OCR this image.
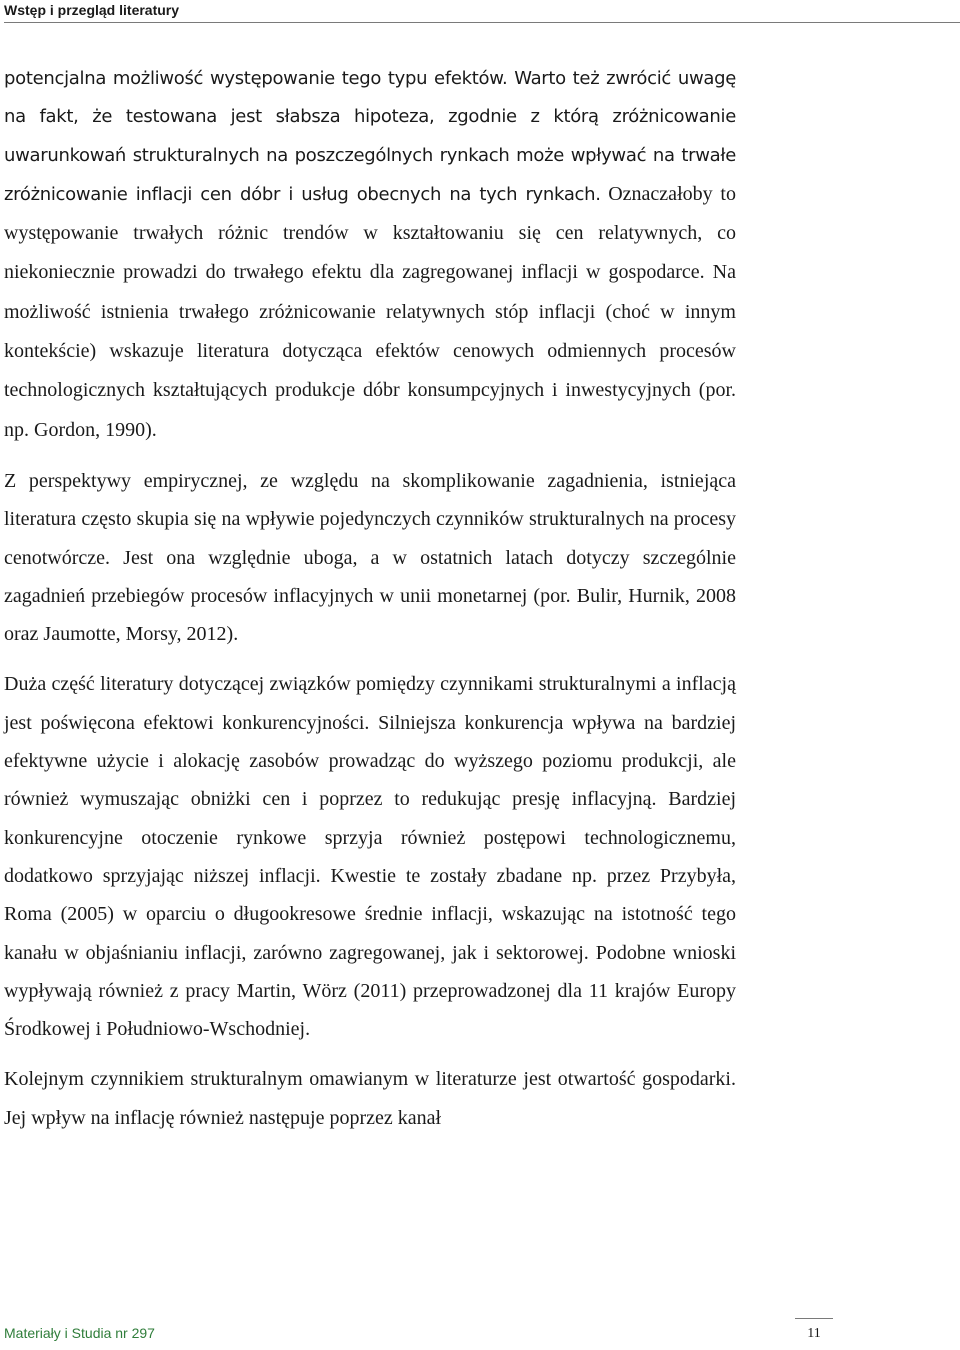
Wstęp i przegląd literatury

potencjalna możliwość występowanie tego typu efektów. Warto też zwrócić uwagę na fakt, że testowana jest słabsza hipoteza, zgodnie z którą zróżnicowanie uwarunkowań strukturalnych na poszczególnych rynkach może wpływać na trwałe zróżnicowanie inflacji cen dóbr i usług obecnych na tych rynkach. Oznaczałoby to występowanie trwałych różnic trendów w kształtowaniu się cen relatywnych, co niekoniecznie prowadzi do trwałego efektu dla zagregowanej inflacji w gospodarce. Na możliwość istnienia trwałego zróżnicowanie relatywnych stóp inflacji (choć w innym kontekście) wskazuje literatura dotycząca efektów cenowych odmiennych procesów technologicznych kształtujących produkcje dóbr konsumpcyjnych i inwestycyjnych (por. np. Gordon, 1990).

Z perspektywy empirycznej, ze względu na skomplikowanie zagadnienia, istniejąca literatura często skupia się na wpływie pojedynczych czynników strukturalnych na procesy cenotwórcze. Jest ona względnie uboga, a w ostatnich latach dotyczy szczególnie zagadnień przebiegów procesów inflacyjnych w unii monetarnej (por. Bulir, Hurnik, 2008 oraz Jaumotte, Morsy, 2012).

Duża część literatury dotyczącej związków pomiędzy czynnikami strukturalnymi a inflacją jest poświęcona efektowi konkurencyjności. Silniejsza konkurencja wpływa na bardziej efektywne użycie i alokację zasobów prowadząc do wyższego poziomu produkcji, ale również wymuszając obniżki cen i poprzez to redukując presję inflacyjną. Bardziej konkurencyjne otoczenie rynkowe sprzyja również postępowi technologicznemu, dodatkowo sprzyjając niższej inflacji. Kwestie te zostały zbadane np. przez Przybyła, Roma (2005) w oparciu o długookresowe średnie inflacji, wskazując na istotność tego kanału w objaśnianiu inflacji, zarówno zagregowanej, jak i sektorowej. Podobne wnioski wypływają również z pracy Martin, Wörz (2011) przeprowadzonej dla 11 krajów Europy Środkowej i Południowo-Wschodniej.

Kolejnym czynnikiem strukturalnym omawianym w literaturze jest otwartość gospodarki. Jej wpływ na inflację również następuje poprzez kanał

Materiały i Studia nr 297	11
